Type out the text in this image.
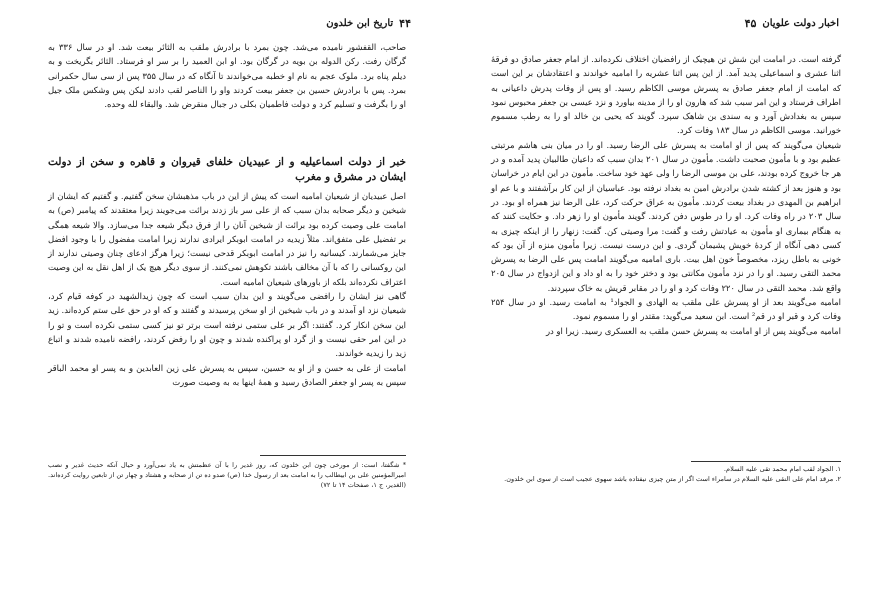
۴۴
تاریخ ابن خلدون

صاحب، القفشور نامیده می‌شد. چون بمرد با برادرش ملقب به الثائر بیعت شد. او در سال ۳۳۶ به گرگان رفت. رکن الدوله بن بویه در گرگان بود. او ابن العمید را بر سر او فرستاد. الثائر بگریخت و به دیلم پناه برد. ملوک عجم به نام او خطبه می‌خواندند تا آنگاه که در سال ۳۵۵ پس از سی سال حکمرانی بمرد. پس با برادرش حسین بن جعفر بیعت کردند واو را الناصر لقب دادند لیکن پس وشکس ملک جیل او را بگرفت و تسلیم کرد و دولت فاطمیان بکلی در جبال منقرض شد. والبقاء لله وحده.

خبر از دولت اسماعیلیه و از عبیدیان خلفای قیروان و قاهره و سخن از دولت ایشان در مشرق و مغرب

اصل عبیدیان از شیعیان امامیه است که پیش از این در باب مذهبشان سخن گفتیم. و گفتیم که ایشان از شیخین و دیگر صحابه بدان سبب که از علی سر باز زدند برائت می‌جویند زیرا معتقدند که پیامبر (ص) به امامت علی وصیت کرده بود برائت از شیخین آنان را از فرق دیگر شیعه جدا می‌سازد. والا شیعه همگی بر تفضیل علی متفق‌اند. مثلاً زیدیه در امامت ابوبکر ایرادی ندارند زیرا امامت مفضول را با وجود افضل جایز می‌شمارند. کیسانیه را نیز در امامت ابوبکر قدحی نیست؛ زیرا هرگز ادعای چنان وصیتی ندارند از این روکسانی را که با آن مخالف باشند تکوهش نمی‌کنند. از سوی دیگر هیچ یک از اهل نقل به این وصیت اعتراف نکرده‌اند بلکه از باورهای شیعیان امامیه است.

گاهی نیز ایشان را رافضی می‌گویند و این بدان سبب است که چون زیدالشهید در کوفه قیام کرد، شیعیان نزد او آمدند و در باب شیخین از او سخن پرسیدند و گفتند و که او در حق علی ستم کرده‌اند. زید این سخن انکار کرد. گفتند: اگر بر علی ستمی نرفته است برتر تو نیز کسی ستمی نکرده است و تو را در این امر حقی نیست و از گرد او پراکنده شدند و چون او را رفض کردند، رافضه نامیده شدند و اتباع زید را زیدیه خواندند.

امامت از علی به حسن و از او به حسین، سپس به پسرش علی زین العابدین و به پسر او محمد الباقر سپس به پسر او جعفر الصادق رسید و همهٔ اینها به به وصیت صورت

* شگفتا، است: از مورخی چون ابن خلدون که، روز غدیر را با آن عظمتش به یاد نمی‌آورد و حیال آنکه حدیث غدیر و نصب امیرالمؤمنین علی بن ابیطالب را به امامت بعد از رسول خدا (ص) صدو ده تن از صحابه و هشتاد و چهار تن از تابعین روایت کرده‌اند. (الغدیر، ج ۱، صفحات ۱۴ تا ۷۲)

اخبار دولت علویان
۴۵

گرفته است. در امامت این شش تن هیچیک از رافضیان اختلاف نکرده‌اند. از امام جعفر صادق دو فرقهٔ اثنا عشری و اسماعیلی پدید آمد. از این پس اثنا عشریه را امامیه خواندند و اعتقادشان بر این است که امامت از امام جعفر صادق به پسرش موسی الکاظم رسید. او پس از وفات پدرش داعیانی به اطراف فرستاد و این امر سبب شد که هارون او را از مدینه بیاورد و نزد عیسی بن جعفر محبوس نمود سپس به بغدادش آورد و به سندی بن شاهک سپرد. گویند که یحیی بن خالد او را به رطب مسموم خورانید. موسی الکاظم در سال ۱۸۳ وفات کرد.

شیعیان می‌گویند که پس از او امامت به پسرش علی الرضا رسید. او را در میان بنی هاشم مرتبتی عظیم بود و با مأمون صحبت داشت. مأمون در سال ۲۰۱ بدان سبب که داعیان طالبیان پدید آمده و در هر جا خروج کرده بودند، علی بن موسی الرضا را ولی عهد خود ساخت. مأمون در این ایام در خراسان بود و هنوز بعد از کشته شدن برادرش امین به بغداد نرفته بود. عباسیان از این کار برآشفتند و با عم او ابراهیم بن المهدی در بغداد بیعت کردند. مأمون به عراق حرکت کرد، علی الرضا نیز همراه او بود. در سال ۲۰۳ در راه وفات کرد. او را در طوس دفن کردند. گویند مأمون او را زهر داد. و حکایت کنند که به هنگام بیماری او مأمون به عیادتش رفت و گفت: مرا وصیتی کن. گفت: زنهار را از اینکه چیزی به کسی دهی آنگاه از کردهٔ خویش پشیمان گردی. و این درست نیست. زیرا مأمون منزه از آن بود که خونی به باطل ریزد، مخصوصاً خون اهل بیت. باری امامیه می‌گویند امامت پس علی الرضا به پسرش محمد التقی رسید. او را در نزد مأمون مکانتی بود و دختر خود را به او داد و این ازدواج در سال ۲۰۵ واقع شد. محمد التقی در سال ۲۲۰ وفات کرد و او را در مقابر قریش به خاک سپردند.

امامیه می‌گویند بعد از او پسرش علی ملقب به الهادی و الجواد¹ به امامت رسید. او در سال ۲۵۴ وفات کرد و قبر او در قم² است. ابن سعید می‌گوید: مقتدر او را مسموم نمود.

امامیه می‌گویند پس از او امامت به پسرش حسن ملقب به العسکری رسید. زیرا او در

۱. الجواد لقب امام محمد تقی علیه السلام.

۲. مرقد امام علی النقی علیه السلام در سامراء است اگر از متن چیزی نیفتاده باشد سهوی عجیب است از سوی ابن خلدون.
